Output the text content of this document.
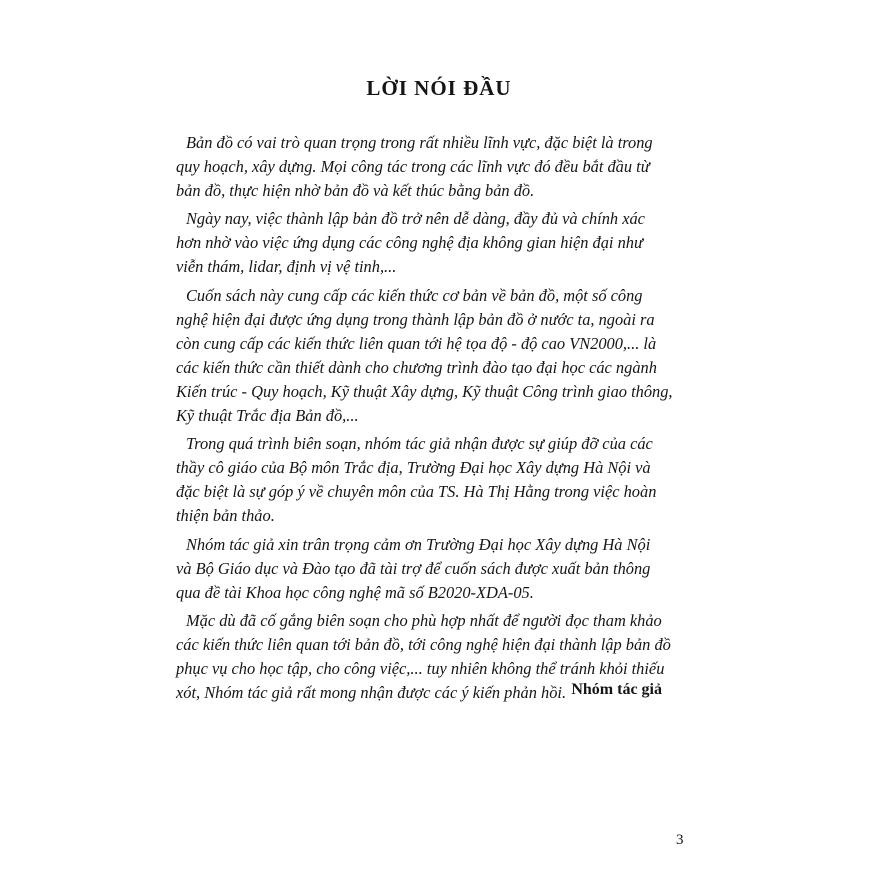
LỜI NÓI ĐẦU
Bản đồ có vai trò quan trọng trong rất nhiều lĩnh vực, đặc biệt là trong
quy hoạch, xây dựng. Mọi công tác trong các lĩnh vực đó đều bắt đầu từ
bản đồ, thực hiện nhờ bản đồ và kết thúc bằng bản đồ.
Ngày nay, việc thành lập bản đồ trở nên dễ dàng, đầy đủ và chính xác
hơn nhờ vào việc ứng dụng các công nghệ địa không gian hiện đại như
viễn thám, lidar, định vị vệ tinh,...
Cuốn sách này cung cấp các kiến thức cơ bản về bản đồ, một số công
nghệ hiện đại được ứng dụng trong thành lập bản đồ ở nước ta, ngoài ra
còn cung cấp các kiến thức liên quan tới hệ tọa độ - độ cao VN2000,... là
các kiến thức cần thiết dành cho chương trình đào tạo đại học các ngành
Kiến trúc - Quy hoạch, Kỹ thuật Xây dựng, Kỹ thuật Công trình giao thông,
Kỹ thuật Trắc địa Bản đồ,...
Trong quá trình biên soạn, nhóm tác giả nhận được sự giúp đỡ của các
thầy cô giáo của Bộ môn Trắc địa, Trường Đại học Xây dựng Hà Nội và
đặc biệt là sự góp ý về chuyên môn của TS. Hà Thị Hằng trong việc hoàn
thiện bản thảo.
Nhóm tác giả xin trân trọng cảm ơn Trường Đại học Xây dựng Hà Nội
và Bộ Giáo dục và Đào tạo đã tài trợ để cuốn sách được xuất bản thông
qua đề tài Khoa học công nghệ mã số B2020-XDA-05.
Mặc dù đã cố gắng biên soạn cho phù hợp nhất để người đọc tham khảo
các kiến thức liên quan tới bản đồ, tới công nghệ hiện đại thành lập bản đồ
phục vụ cho học tập, cho công việc,... tuy nhiên không thể tránh khỏi thiếu
xót, Nhóm tác giả rất mong nhận được các ý kiến phản hồi. Nhóm tác giả
3
